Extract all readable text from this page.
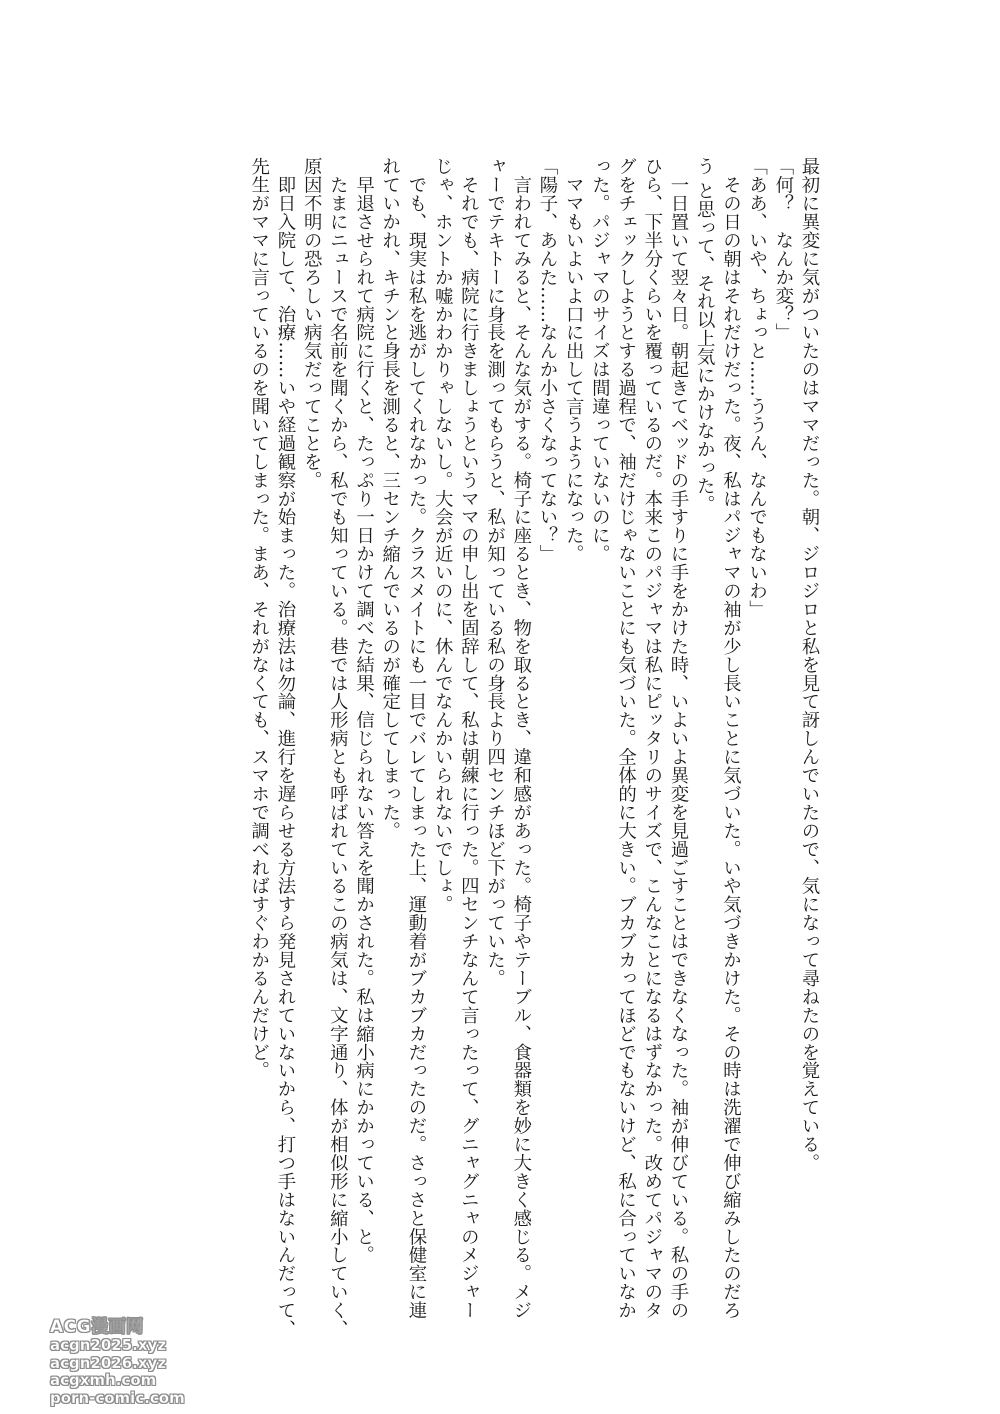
最初に異変に気がついたのはママだった。朝、ジロジロと私を見て訝しんでいたので、気になって尋ねたのを覚えている。
「何？　なんか変？」
「ああ、いや、ちょっと……ううん、なんでもないわ」
　その日の朝はそれだけだった。夜、私はパジャマの袖が少し長いことに気づいた。いや気づきかけた。その時は洗濯で伸び縮みしたのだろ
う と思って、それ以上気にかけなかった。
　一日置いて翌々日。朝起きてベッドの手すりに手をかけた時、いよいよ異変を見過ごすことはできなくなった。袖が伸びている。私の手の
ひら、下半分くらいを覆っているのだ。本来このパジャマは私にピッタリのサイズで、こんなことになるはずなかった。改めてパジャマのタ
グをチェックしようとする過程で、袖だけじゃないことにも気づいた。全体的に大きい。ブカブカってほどでもないけど、私に合っていなか
った。パジャマのサイズは間違っていないのに。
　ママもいよいよ口に出して言うようになった。
「陽子、あんた……なんか小さくなってない？」
　言われてみると、そんな気がする。椅子に座るとき、物を取るとき、違和感があった。椅子やテーブル、食器類を妙に大きく感じる。メジ
ャーでテキトーに身長を測ってもらうと、私が知っている私の身長より四センチほど下がっていた。
　それでも、病院に行きましょうというママの申し出を固辞して、私は朝練に行った。四センチなんて言ったって、グニャグニャのメジャー
じゃ、ホントか嘘かわかりゃしないし。大会が近いのに、休んでなんかいられないでしょ。
　でも、現実は私を逃がしてくれなかった。クラスメイトにも一目でバレてしまった上、運動着がブカブカだったのだ。さっさと保健室に連
れていかれ、キチンと身長を測ると、三センチ縮んでいるのが確定してしまった。
　早退させられて病院に行くと、たっぷり一日かけて調べた結果、信じられない答えを聞かされた。私は縮小病にかかっている、と。
　たまにニュースで名前を聞くから、私でも知っている。巷では人形病とも呼ばれているこの病気は、文字通り、体が相似形に縮小していく、
原因不明の恐ろしい病気だってことを。
　即日入院して、治療……いや経過観察が始まった。治療法は勿論、進行を遅らせる方法すら発見されていないから、打つ手はないんだって、
先生がママに言っているのを聞いてしまった。まあ、それがなくても、スマホで調べればすぐわかるんだけど。
ACG漫画网
acgn2025.xyz
acgn2026.xyz
acgxmh.com
porn-comic.com
